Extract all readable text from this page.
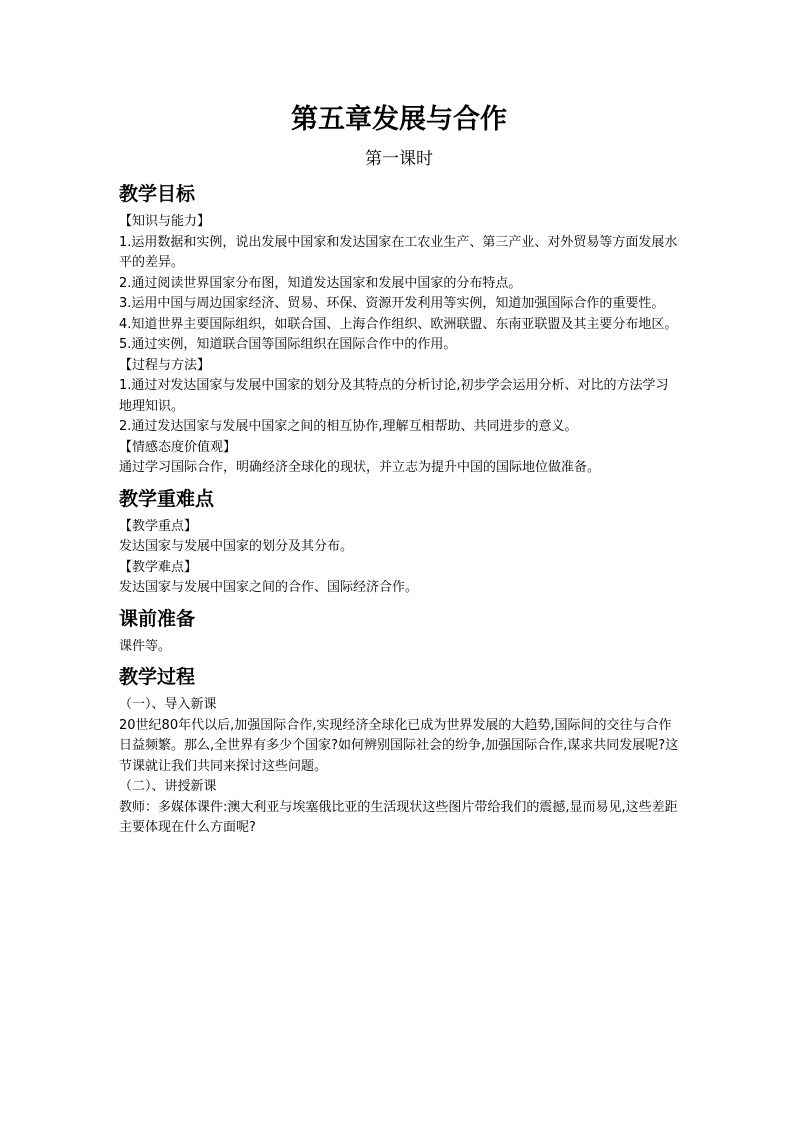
第五章发展与合作
第一课时
教学目标

【知识与能力】

1.运用数据和实例，说出发展中国家和发达国家在工农业生产、第三产业、对外贸易等方面发展水平的差异。

2.通过阅读世界国家分布图，知道发达国家和发展中国家的分布特点。

3.运用中国与周边国家经济、贸易、环保、资源开发利用等实例，知道加强国际合作的重要性。

4.知道世界主要国际组织，如联合国、上海合作组织、欧洲联盟、东南亚联盟及其主要分布地区。

5.通过实例，知道联合国等国际组织在国际合作中的作用。

【过程与方法】

1.通过对发达国家与发展中国家的划分及其特点的分析讨论,初步学会运用分析、对比的方法学习地理知识。

2.通过发达国家与发展中国家之间的相互协作,理解互相帮助、共同进步的意义。

【情感态度价值观】

通过学习国际合作，明确经济全球化的现状，并立志为提升中国的国际地位做准备。

教学重难点

【教学重点】

发达国家与发展中国家的划分及其分布。

【教学难点】

发达国家与发展中国家之间的合作、国际经济合作。

课前准备

课件等。

教学过程

（一）、导入新课

20世纪80年代以后,加强国际合作,实现经济全球化已成为世界发展的大趋势,国际间的交往与合作日益频繁。那么,全世界有多少个国家?如何辨别国际社会的纷争,加强国际合作,谋求共同发展呢?这节课就让我们共同来探讨这些问题。

（二）、讲授新课

教师：多媒体课件:澳大利亚与埃塞俄比亚的生活现状这些图片带给我们的震撼,显而易见,这些差距主要体现在什么方面呢?
